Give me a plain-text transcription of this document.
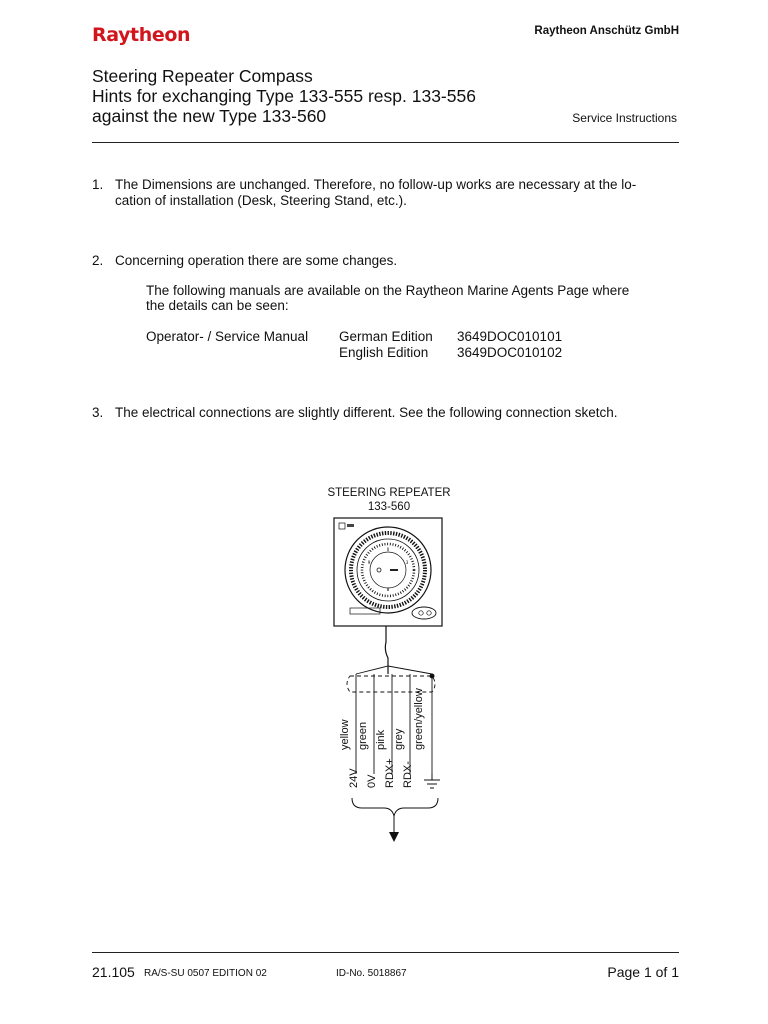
Raytheon	Raytheon Anschütz GmbH
Steering Repeater Compass
Hints for exchanging Type 133-555 resp. 133-556
against the new Type 133-560	Service Instructions
1. The Dimensions are unchanged. Therefore, no follow-up works are necessary at the lo-
cation of installation (Desk, Steering Stand, etc.).
2. Concerning operation there are some changes.
The following manuals are available on the Raytheon Marine Agents Page where
the details can be seen:
Operator- / Service Manual German Edition 3649DOC010101
English Edition 3649DOC010102
3. The electrical connections are slightly different. See the following connection sketch.
STEERING REPEATER
133-560
0
9	3
8
yellow green pink grey green/yellow
24V 0V RDX+ RDX-
21.105 RA/S-SU 0507 EDITION 02	ID-No. 5018867	Page 1 of 1
